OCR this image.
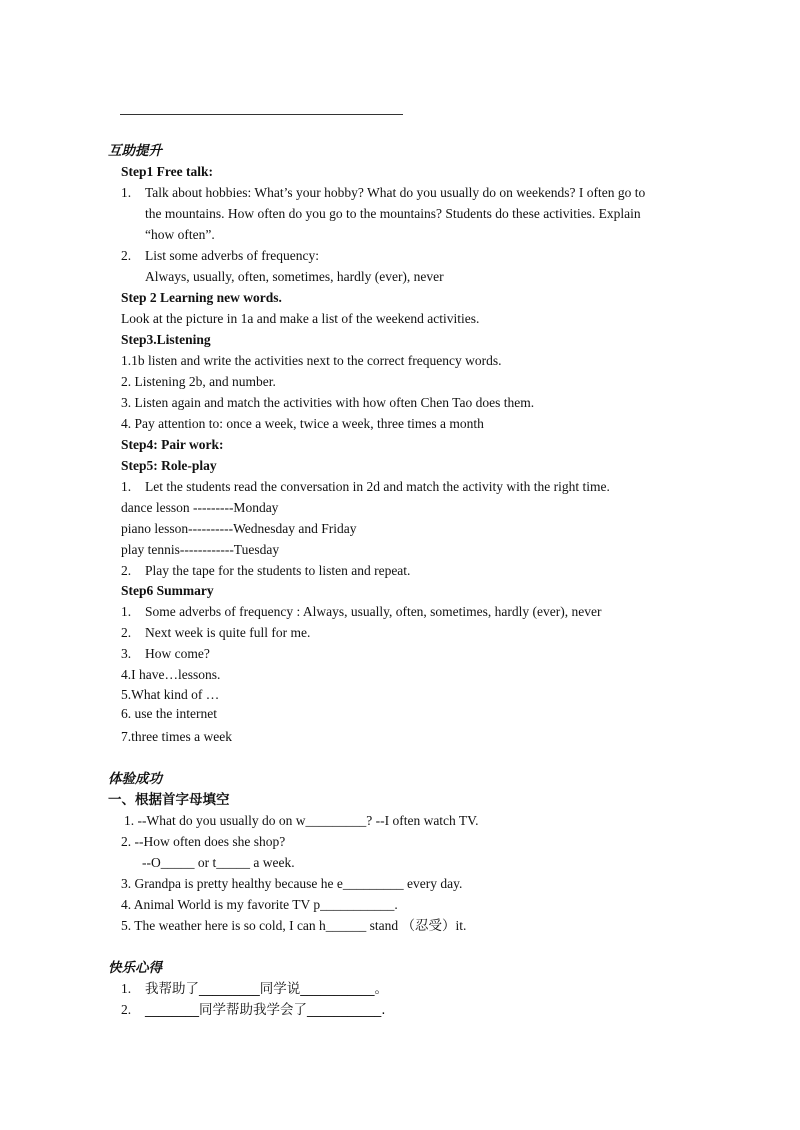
互助提升
Step1 Free talk:
1. Talk about hobbies: What’s your hobby? What do you usually do on weekends? I often go to
the mountains. How often do you go to the mountains? Students do these activities. Explain
“how often”.
2. List some adverbs of frequency:
Always, usually, often, sometimes, hardly (ever), never
Step 2 Learning new words.
Look at the picture in 1a and make a list of the weekend activities.
Step3.Listening
1.1b listen and write the activities next to the correct frequency words.
2. Listening 2b, and number.
3. Listen again and match the activities with how often Chen Tao does them.
4. Pay attention to: once a week, twice a week, three times a month
Step4: Pair work:
Step5: Role-play
1. Let the students read the conversation in 2d and match the activity with the right time.
dance lesson ---------Monday
piano lesson----------Wednesday and Friday
play tennis------------Tuesday
2. Play the tape for the students to listen and repeat.
Step6 Summary
1. Some adverbs of frequency : Always, usually, often, sometimes, hardly (ever), never
2. Next week is quite full for me.
3. How come?
4.I have…lessons.
5.What kind of …
6. use the internet
7.three times a week
体验成功
一、根据首字母填空
1. --What do you usually do on w_________? --I often watch TV.
2. --How often does she shop?
--O_____ or t_____ a week.
3. Grandpa is pretty healthy because he e_________ every day.
4. Animal World is my favorite TV p___________.
5. The weather here is so cold, I can h______ stand （忍受）it.
快乐心得
1. 我帮助了_________同学说___________。
2. ________同学帮助我学会了___________.
